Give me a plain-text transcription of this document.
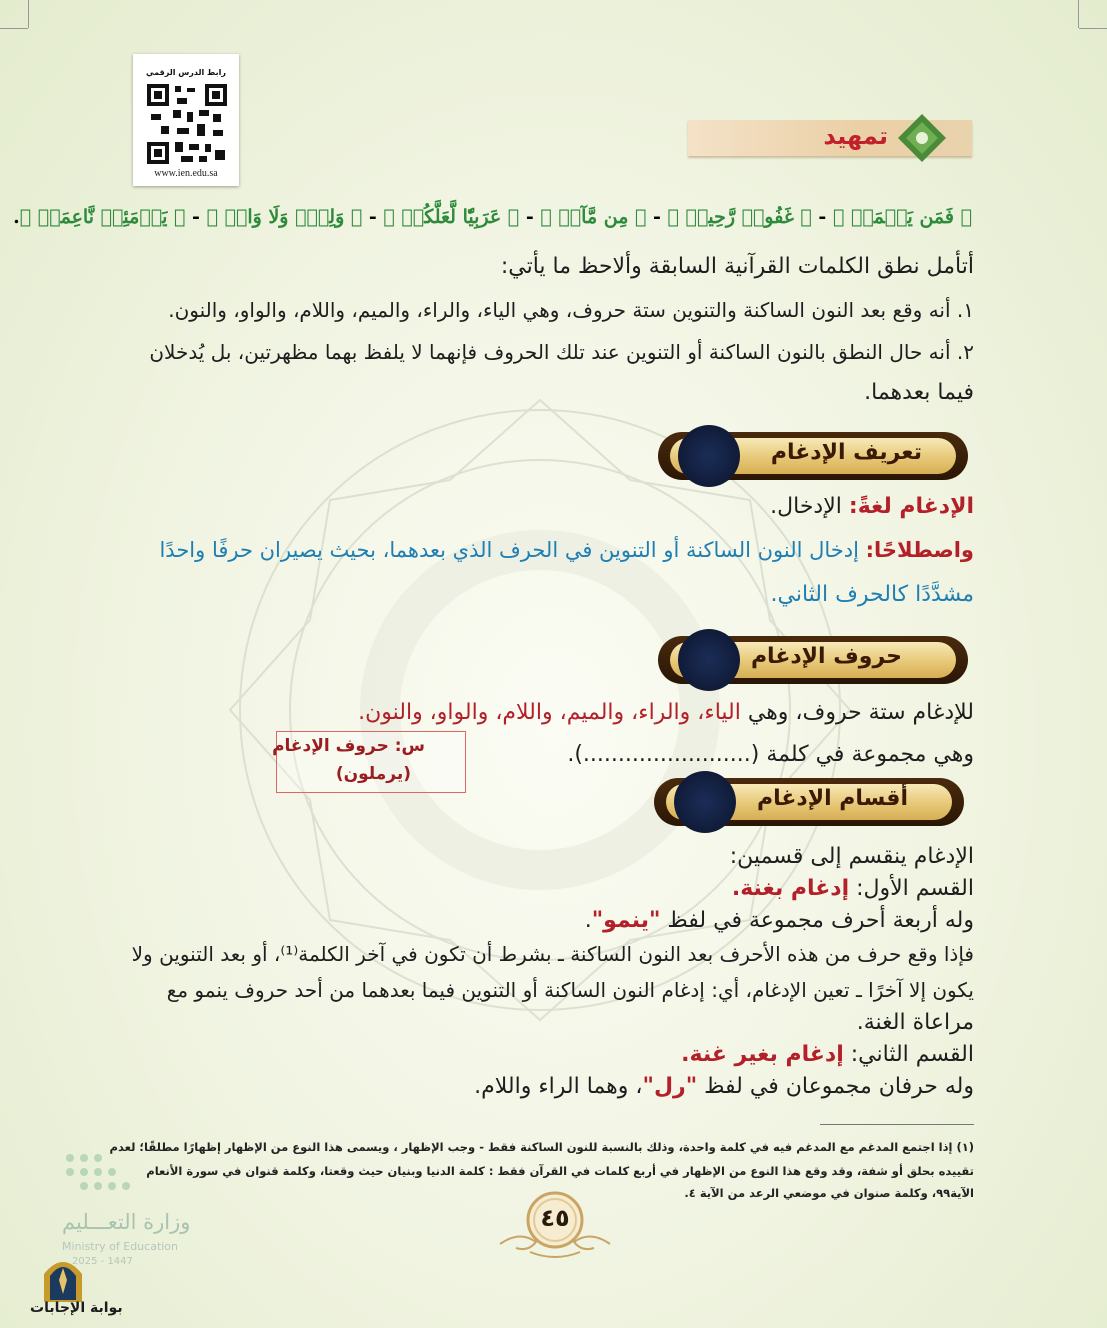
رابط الدرس الرقمي
www.ien.edu.sa
تمهيد
﴿ فَمَن يَعۡمَلۡ ﴾ - ﴿ غَفُورٞ رَّحِيمٖ ﴾ - ﴿ مِن مَّآءٖ ﴾ - ﴿ عَرَبِيّٗا لَّعَلَّكُمۡ ﴾ - ﴿ وَلِيّٖ وَلَا وَاقٖ ﴾ - ﴿ يَوۡمَئِذٖ نَّاعِمَةٞ ﴾.
أتأمل نطق الكلمات القرآنية السابقة وألاحظ ما يأتي:
١. أنه وقع بعد النون الساكنة والتنوين ستة حروف، وهي الياء، والراء، والميم، واللام، والواو، والنون.
٢. أنه حال النطق بالنون الساكنة أو التنوين عند تلك الحروف فإنهما لا يلفظ بهما مظهرتين، بل يُدخلان
فيما بعدهما.
تعريف الإدغام
الإدغام لغةً: الإدخال.
واصطلاحًا: إدخال النون الساكنة أو التنوين في الحرف الذي بعدهما، بحيث يصيران حرفًا واحدًا
مشدَّدًا كالحرف الثاني.
حروف الإدغام
للإدغام ستة حروف، وهي الياء، والراء، والميم، واللام، والواو، والنون.
وهي مجموعة في كلمة (........................).
س: حروف الإدغام
(يرملون)
أقسام الإدغام
الإدغام ينقسم إلى قسمين:
القسم الأول: إدغام بغنة.
وله أربعة أحرف مجموعة في لفظ "ينمو".
فإذا وقع حرف من هذه الأحرف بعد النون الساكنة ـ بشرط أن تكون في آخر الكلمة⁽¹⁾، أو بعد التنوين ولا
يكون إلا آخرًا ـ تعين الإدغام، أي: إدغام النون الساكنة أو التنوين فيما بعدهما من أحد حروف ينمو مع
مراعاة الغنة.
القسم الثاني: إدغام بغير غنة.
وله حرفان مجموعان في لفظ "رل"، وهما الراء واللام.
(١) إذا اجتمع المدغم مع المدغم فيه في كلمة واحدة، وذلك بالنسبة للنون الساكنة فقط - وجب الإظهار ، ويسمى هذا النوع من الإظهار إظهارًا مطلقًا؛ لعدم
تقييده بحلق أو شفة، وقد وقع هذا النوع من الإظهار في أربع كلمات في القرآن فقط : كلمة الدنيا وبنيان حيث وقعتا، وكلمة قنوان في سورة الأنعام
الآية٩٩، وكلمة صنوان في موضعي الرعد من الآية ٤.
٤٥
وزارة التعـــليم
Ministry of Education
2025 - 1447
بوابة الإجابات
